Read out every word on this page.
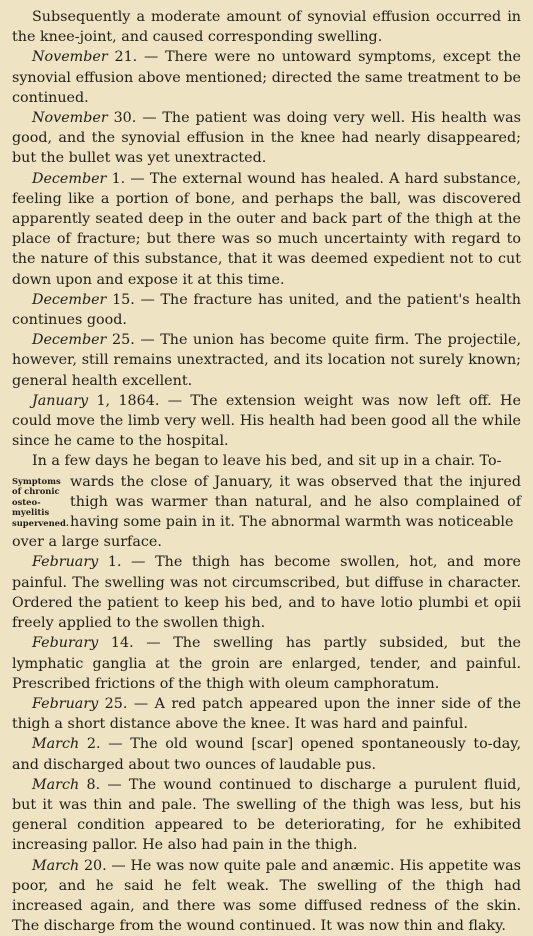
Subsequently a moderate amount of synovial effusion occurred in the knee-joint, and caused corresponding swelling.

November 21. — There were no untoward symptoms, except the synovial effusion above mentioned; directed the same treatment to be continued.

November 30. — The patient was doing very well. His health was good, and the synovial effusion in the knee had nearly disappeared; but the bullet was yet unextracted.

December 1. — The external wound has healed. A hard substance, feeling like a portion of bone, and perhaps the ball, was discovered apparently seated deep in the outer and back part of the thigh at the place of fracture; but there was so much uncertainty with regard to the nature of this substance, that it was deemed expedient not to cut down upon and expose it at this time.

December 15. — The fracture has united, and the patient's health continues good.

December 25. — The union has become quite firm. The projectile, however, still remains unextracted, and its location not surely known; general health excellent.

January 1, 1864. — The extension weight was now left off. He could move the limb very well. His health had been good all the while since he came to the hospital.

In a few days he began to leave his bed, and sit up in a chair. To-

Symptoms of chronic osteo-myelitis supervened.
wards the close of January, it was observed that the injured thigh was warmer than natural, and he also complained of having some pain in it. The abnormal warmth was noticeable

over a large surface.

February 1. — The thigh has become swollen, hot, and more painful. The swelling was not circumscribed, but diffuse in character. Ordered the patient to keep his bed, and to have lotio plumbi et opii freely applied to the swollen thigh.

Feburary 14. — The swelling has partly subsided, but the lymphatic ganglia at the groin are enlarged, tender, and painful. Prescribed frictions of the thigh with oleum camphoratum.

February 25. — A red patch appeared upon the inner side of the thigh a short distance above the knee. It was hard and painful.

March 2. — The old wound [scar] opened spontaneously to-day, and discharged about two ounces of laudable pus.

March 8. — The wound continued to discharge a purulent fluid, but it was thin and pale. The swelling of the thigh was less, but his general condition appeared to be deteriorating, for he exhibited increasing pallor. He also had pain in the thigh.

March 20. — He was now quite pale and anæmic. His appetite was poor, and he said he felt weak. The swelling of the thigh had increased again, and there was some diffused redness of the skin. The discharge from the wound continued. It was now thin and flaky.
